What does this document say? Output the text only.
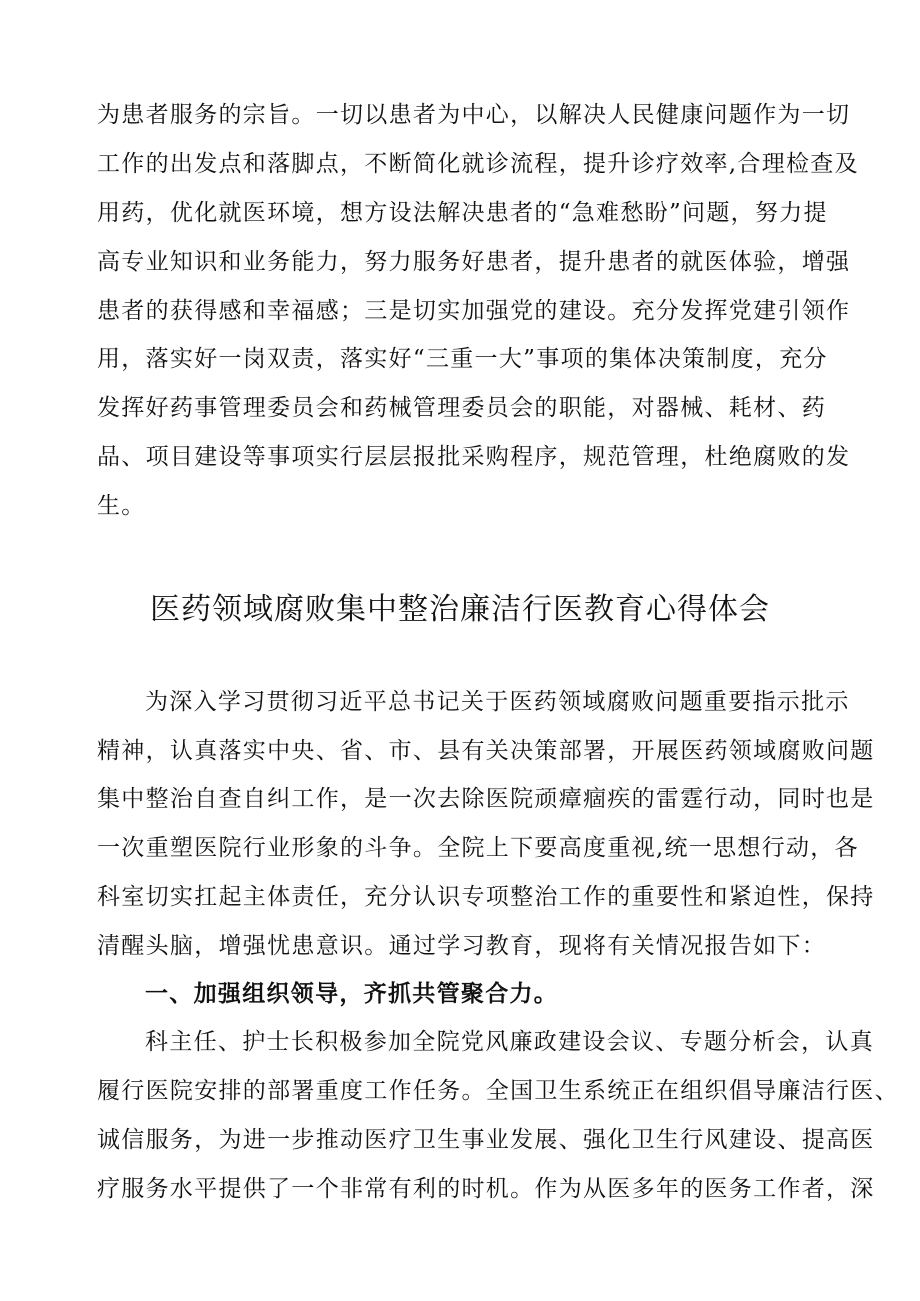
为患者服务的宗旨。一切以患者为中心，以解决人民健康问题作为一切
工作的出发点和落脚点，不断简化就诊流程，提升诊疗效率,合理检查及
用药，优化就医环境，想方设法解决患者的“急难愁盼”问题，努力提
高专业知识和业务能力，努力服务好患者，提升患者的就医体验，增强
患者的获得感和幸福感；三是切实加强党的建设。充分发挥党建引领作
用，落实好一岗双责，落实好“三重一大”事项的集体决策制度，充分
发挥好药事管理委员会和药械管理委员会的职能，对器械、耗材、药
品、项目建设等事项实行层层报批采购程序，规范管理，杜绝腐败的发
生。
医药领域腐败集中整治廉洁行医教育心得体会
为深入学习贯彻习近平总书记关于医药领域腐败问题重要指示批示
精神，认真落实中央、省、市、县有关决策部署，开展医药领域腐败问题
集中整治自查自纠工作，是一次去除医院顽瘴痼疾的雷霆行动，同时也是
一次重塑医院行业形象的斗争。全院上下要高度重视,统一思想行动，各
科室切实扛起主体责任，充分认识专项整治工作的重要性和紧迫性，保持
清醒头脑，增强忧患意识。通过学习教育，现将有关情况报告如下：
一、加强组织领导，齐抓共管聚合力。
科主任、护士长积极参加全院党风廉政建设会议、专题分析会，认真
履行医院安排的部署重度工作任务。全国卫生系统正在组织倡导廉洁行医、
诚信服务，为进一步推动医疗卫生事业发展、强化卫生行风建设、提高医
疗服务水平提供了一个非常有利的时机。作为从医多年的医务工作者，深
